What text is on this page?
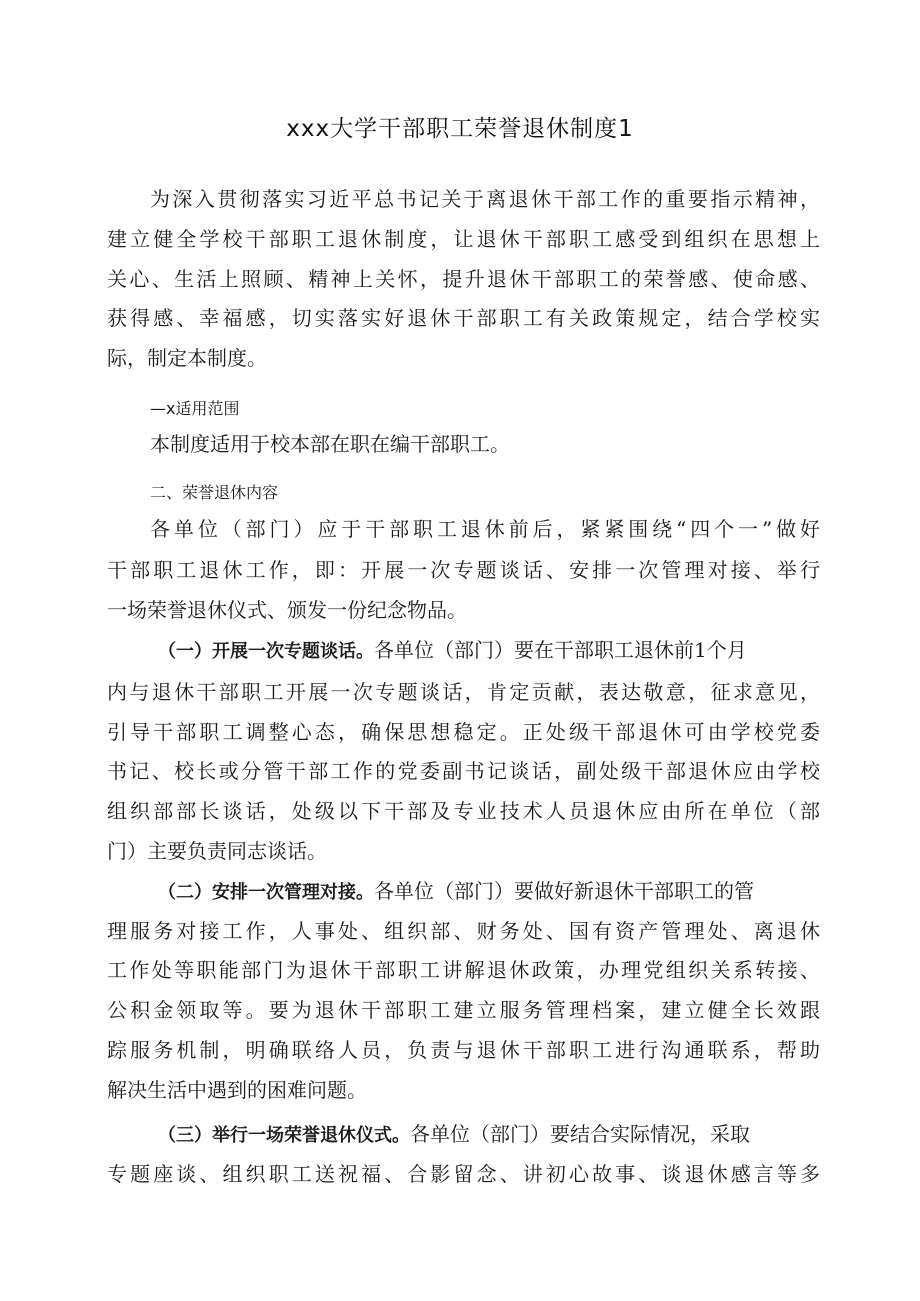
xxx大学干部职工荣誉退休制度1
为深入贯彻落实习近平总书记关于离退休干部工作的重要指示精神，
建立健全学校干部职工退休制度，让退休干部职工感受到组织在思想上
关心、生活上照顾、精神上关怀，提升退休干部职工的荣誉感、使命感、
获得感、幸福感，切实落实好退休干部职工有关政策规定，结合学校实
际，制定本制度。
—x适用范围
本制度适用于校本部在职在编干部职工。
二、荣誉退休内容
各单位（部门）应于干部职工退休前后，紧紧围绕“四个一”做好
干部职工退休工作，即：开展一次专题谈话、安排一次管理对接、举行
一场荣誉退休仪式、颁发一份纪念物品。
（一）开展一次专题谈话。各单位（部门）要在干部职工退休前1个月
内与退休干部职工开展一次专题谈话，肯定贡献，表达敬意，征求意见，
引导干部职工调整心态，确保思想稳定。正处级干部退休可由学校党委
书记、校长或分管干部工作的党委副书记谈话，副处级干部退休应由学校
组织部部长谈话，处级以下干部及专业技术人员退休应由所在单位（部
门）主要负责同志谈话。
（二）安排一次管理对接。各单位（部门）要做好新退休干部职工的管
理服务对接工作，人事处、组织部、财务处、国有资产管理处、离退休
工作处等职能部门为退休干部职工讲解退休政策，办理党组织关系转接、
公积金领取等。要为退休干部职工建立服务管理档案，建立健全长效跟
踪服务机制，明确联络人员，负责与退休干部职工进行沟通联系，帮助
解决生活中遇到的困难问题。
（三）举行一场荣誉退休仪式。各单位（部门）要结合实际情况，采取
专题座谈、组织职工送祝福、合影留念、讲初心故事、谈退休感言等多
